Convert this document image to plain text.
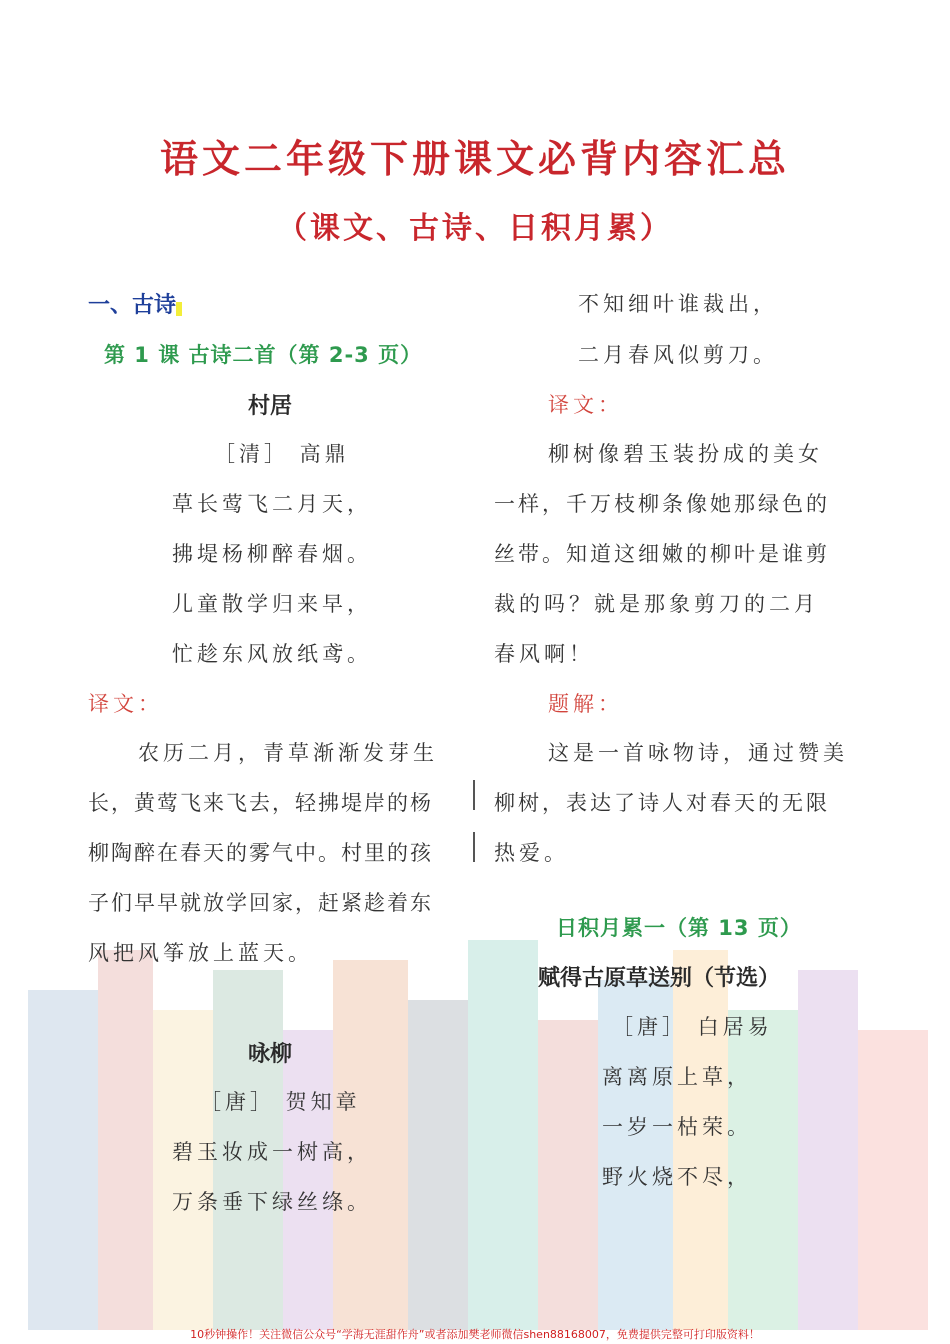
语文二年级下册课文必背内容汇总
（课文、古诗、日积月累）
一、古诗
第 1 课 古诗二首（第 2-3 页）
村居
［清］ 高鼎
草长莺飞二月天，
拂堤杨柳醉春烟。
儿童散学归来早，
忙趁东风放纸鸢。
译文：
农历二月，青草渐渐发芽生
长，黄莺飞来飞去，轻拂堤岸的杨
柳陶醉在春天的雾气中。村里的孩
子们早早就放学回家，赶紧趁着东
风把风筝放上蓝天。
咏柳
［唐］ 贺知章
碧玉妆成一树高，
万条垂下绿丝绦。
不知细叶谁裁出，
二月春风似剪刀。
译文：
柳树像碧玉装扮成的美女
一样，千万枝柳条像她那绿色的
丝带。知道这细嫩的柳叶是谁剪
裁的吗？就是那象剪刀的二月
春风啊！
题解：
这是一首咏物诗，通过赞美
柳树，表达了诗人对春天的无限
热爱。
日积月累一（第 13 页）
赋得古原草送别（节选）
［唐］ 白居易
离离原上草，
一岁一枯荣。
野火烧不尽，
10秒钟操作！关注微信公众号“学海无涯甜作舟”或者添加樊老师微信shen88168007，免费提供完整可打印版资料！
